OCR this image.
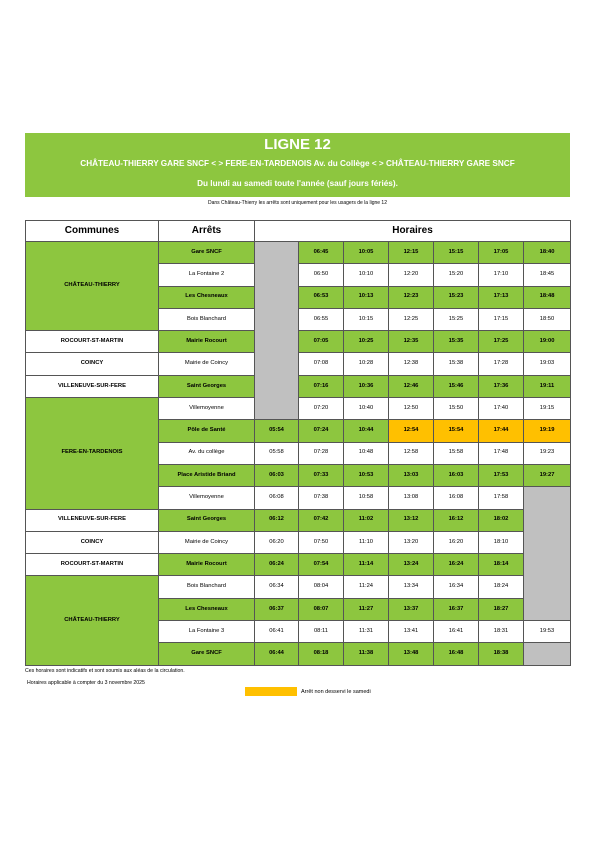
LIGNE 12
CHÂTEAU-THIERRY GARE SNCF < > FERE-EN-TARDENOIS Av. du Collège < > CHÂTEAU-THIERRY GARE SNCF
Du lundi au samedi toute l'année (sauf jours fériés).
Dans Château-Thierry les arrêts sont uniquement pour les usagers de la ligne 12
Communes	Arrêts	Horaires						
CHÂTEAU-THIERRY	Gare SNCF		06:45	10:05	12:15	15:15	17:05	18:40
	La Fontaine 2		06:50	10:10	12:20	15:20	17:10	18:45
	Les Chesneaux		06:53	10:13	12:23	15:23	17:13	18:48
	Bois Blanchard		06:55	10:15	12:25	15:25	17:15	18:50
ROCOURT-ST-MARTIN	Mairie Rocourt		07:05	10:25	12:35	15:35	17:25	19:00
COINCY	Mairie de Coincy		07:08	10:28	12:38	15:38	17:28	19:03
VILLENEUVE-SUR-FERE	Saint Georges		07:16	10:36	12:46	15:46	17:36	19:11
FERE-EN-TARDENOIS	Villemoyenne		07:20	10:40	12:50	15:50	17:40	19:15
	Pôle de Santé	05:54	07:24	10:44	12:54	15:54	17:44	19:19
	Av. du collège	05:58	07:28	10:48	12:58	15:58	17:48	19:23
	Place Aristide Briand	06:03	07:33	10:53	13:03	16:03	17:53	19:27
	Villemoyenne	06:08	07:38	10:58	13:08	16:08	17:58	
VILLENEUVE-SUR-FERE	Saint Georges	06:12	07:42	11:02	13:12	16:12	18:02	
COINCY	Mairie de Coincy	06:20	07:50	11:10	13:20	16:20	18:10	
ROCOURT-ST-MARTIN	Mairie Rocourt	06:24	07:54	11:14	13:24	16:24	18:14	
CHÂTEAU-THIERRY	Bois Blanchard	06:34	08:04	11:24	13:34	16:34	18:24	
	Les Chesneaux	06:37	08:07	11:27	13:37	16:37	18:27	
	La Fontaine 3	06:41	08:11	11:31	13:41	16:41	18:31	19:53
	Gare SNCF	06:44	08:18	11:38	13:48	16:48	18:38	
Ces horaires sont indicatifs et sont soumis aux aléas de la circulation.
Horaires applicable à compter du 3 novembre 2025
Arrêt non desservi le samedi
